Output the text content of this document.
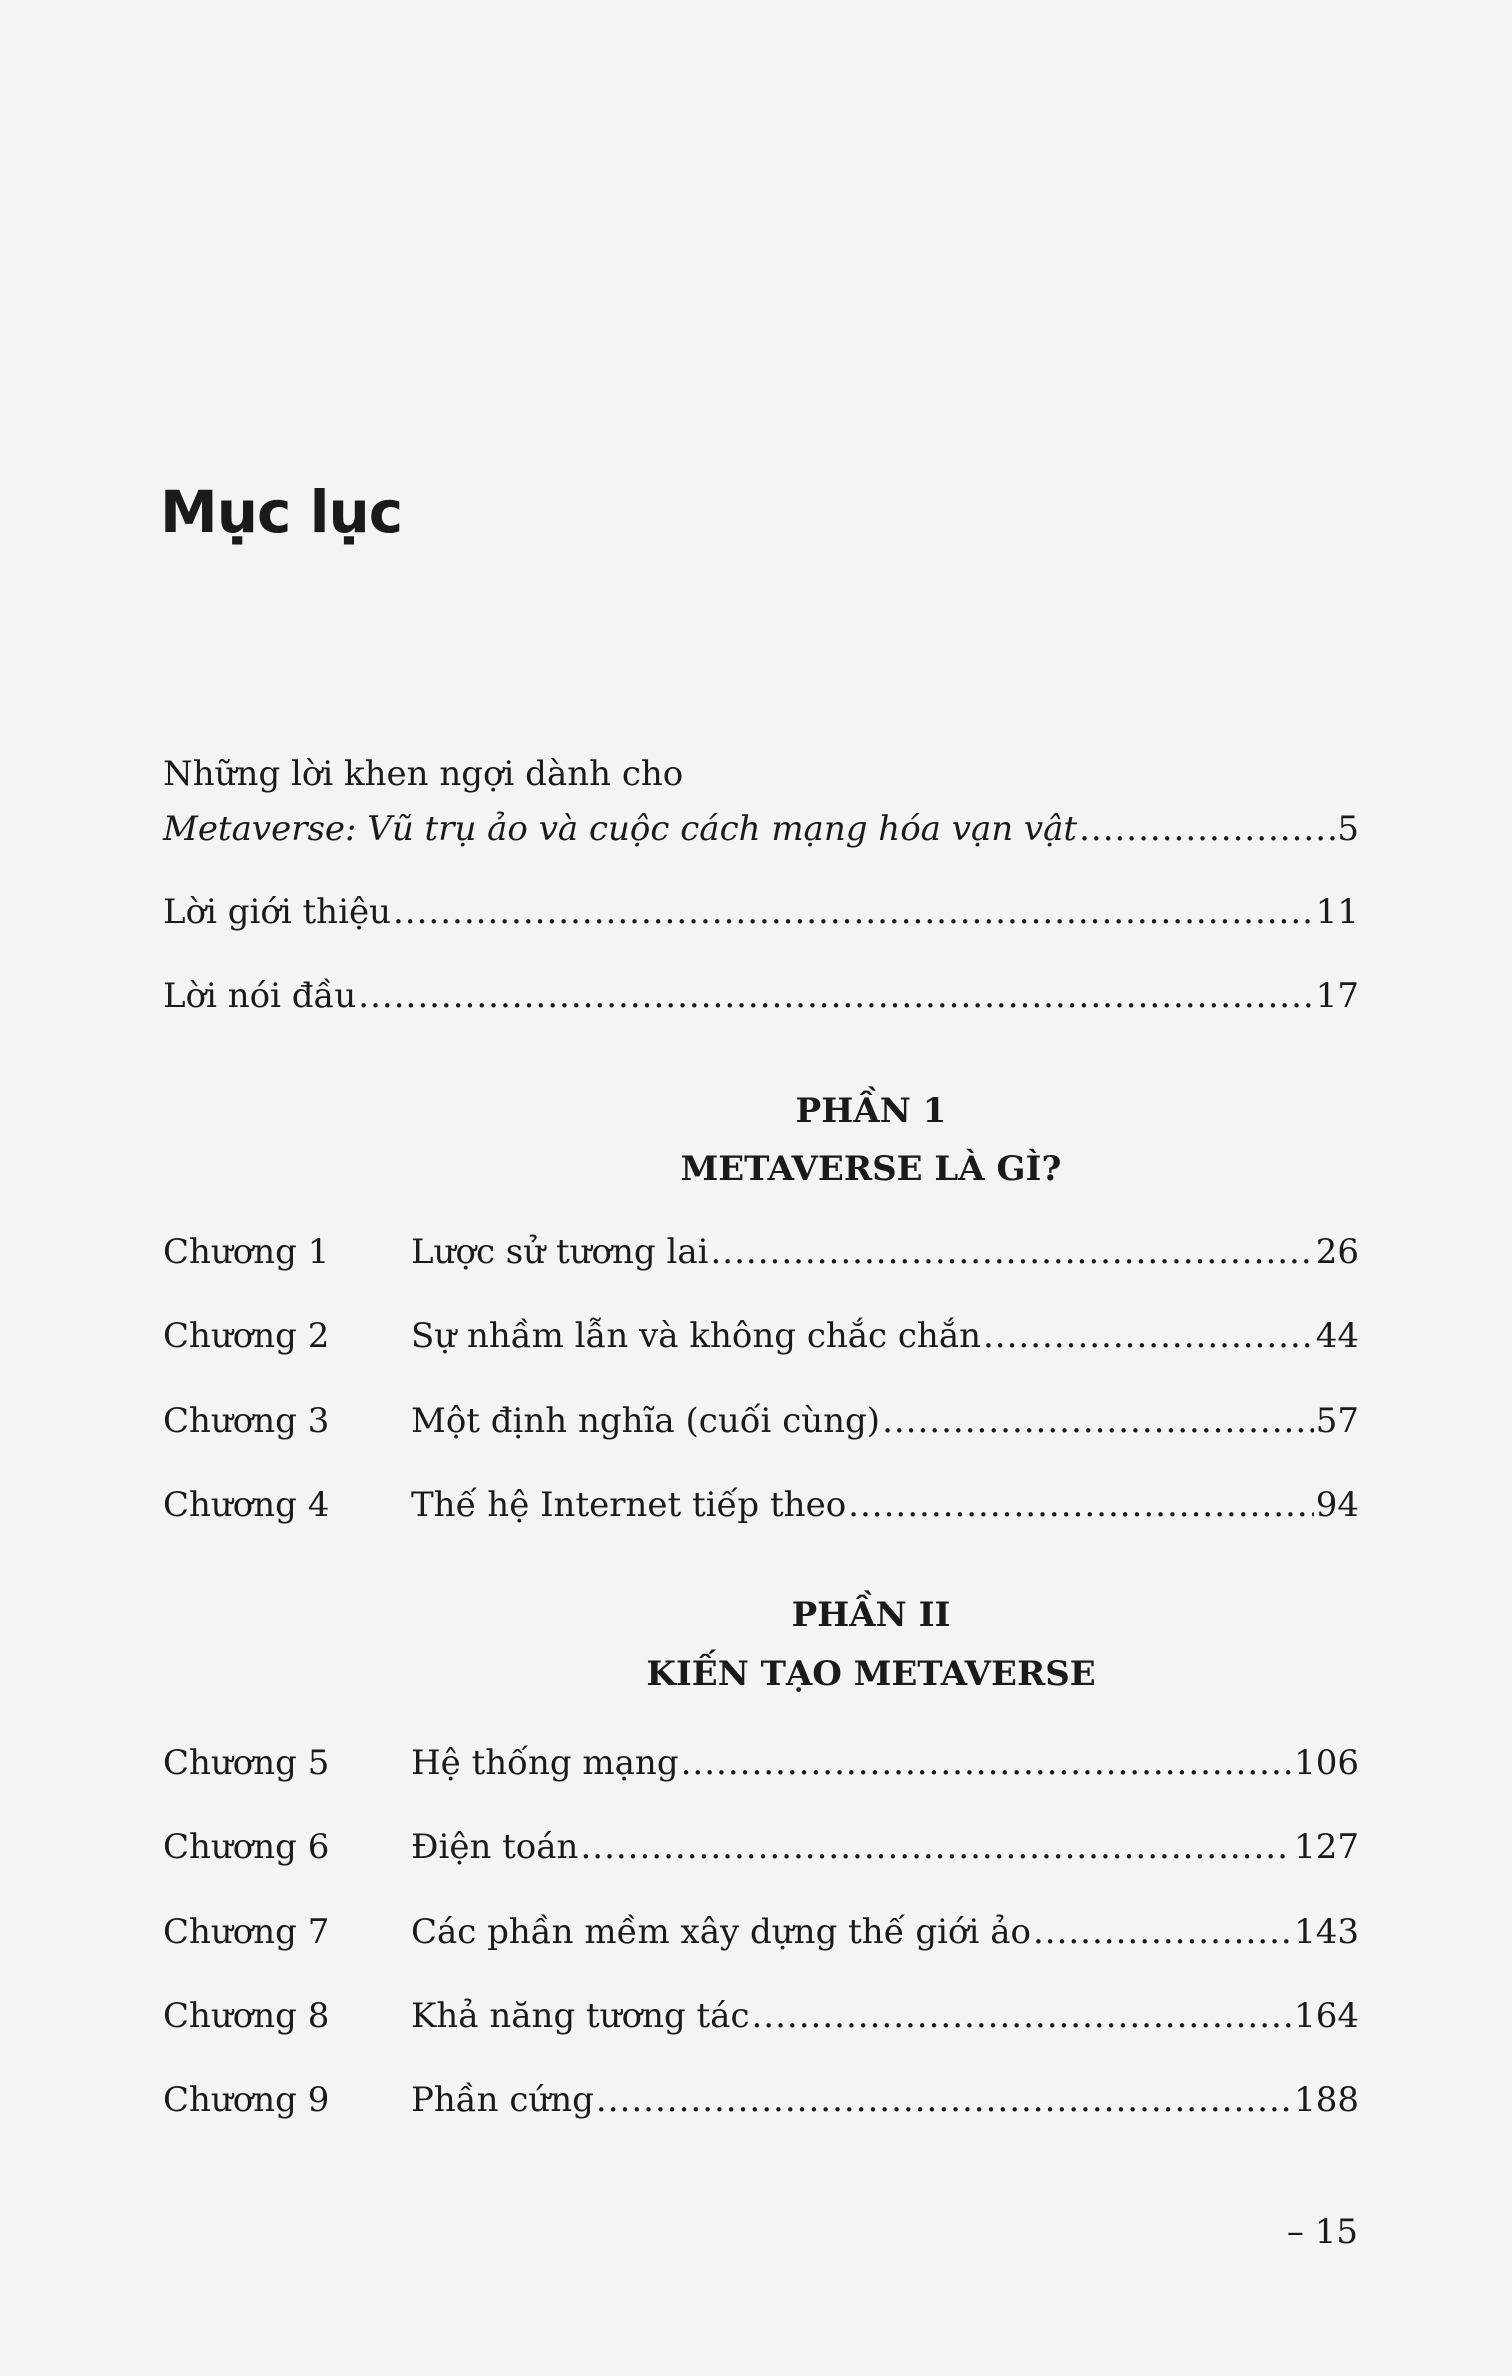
Mục lục
Những lời khen ngợi dành cho
Metaverse: Vũ trụ ảo và cuộc cách mạng hóa vạn vật .....	5
Lời giới thiệu .....	11
Lời nói đầu .....	17
PHẦN 1
METAVERSE LÀ GÌ?
Chương 1	Lược sử tương lai .....	26
Chương 2	Sự nhầm lẫn và không chắc chắn .....	44
Chương 3	Một định nghĩa (cuối cùng) .....	57
Chương 4	Thế hệ Internet tiếp theo .....	94
PHẦN II
KIẾN TẠO METAVERSE
Chương 5	Hệ thống mạng .....	106
Chương 6	Điện toán .....	127
Chương 7	Các phần mềm xây dựng thế giới ảo .....	143
Chương 8	Khả năng tương tác .....	164
Chương 9	Phần cứng .....	188
– 15
